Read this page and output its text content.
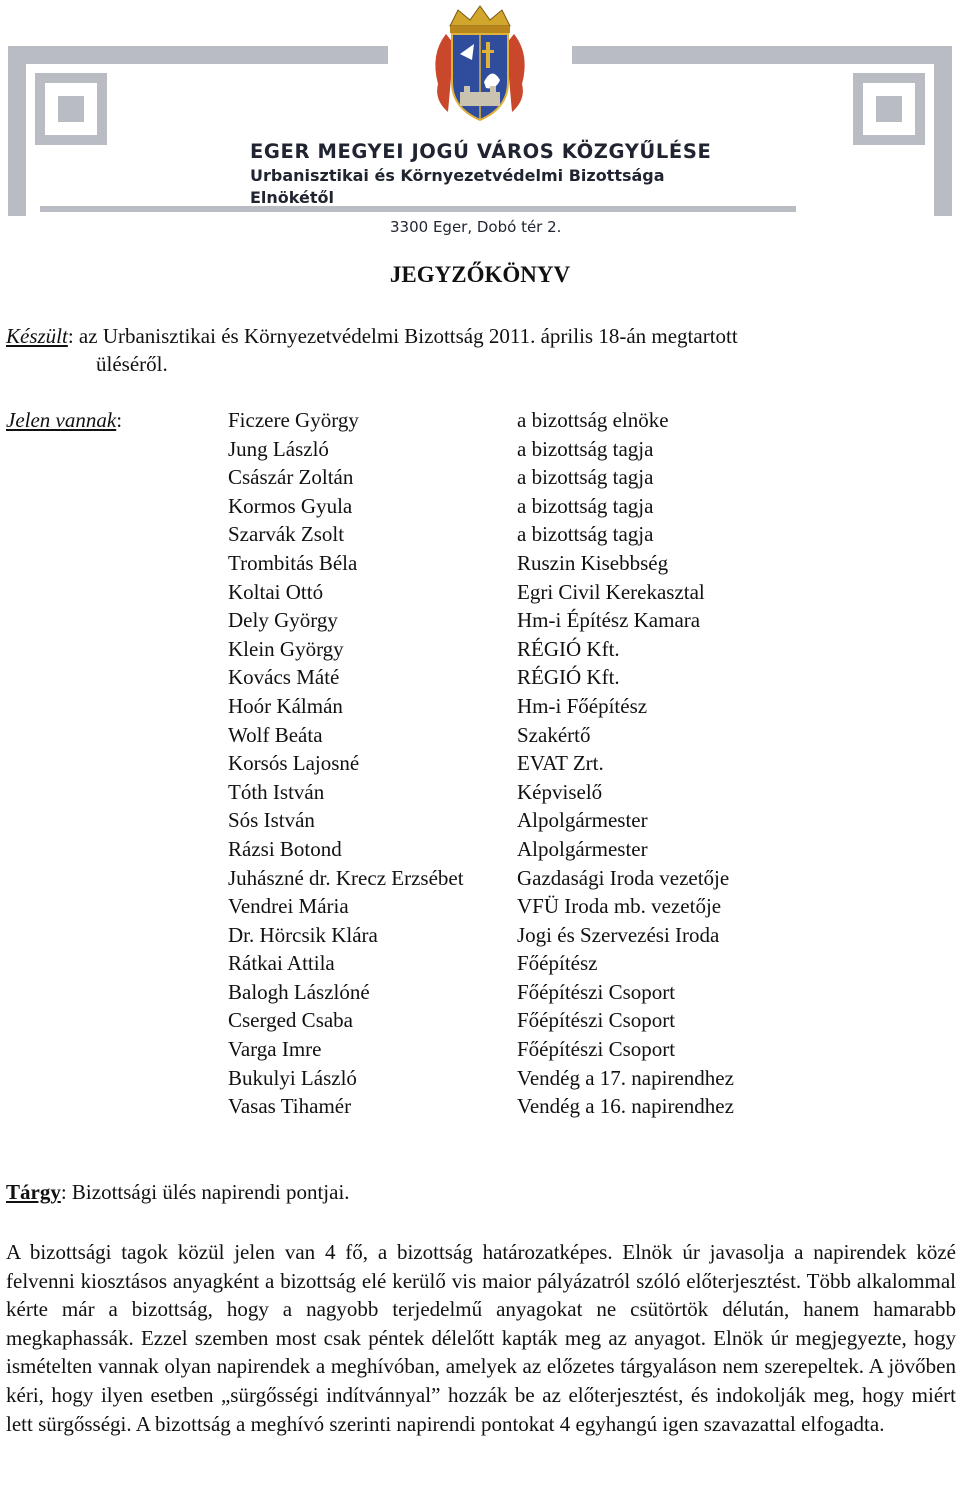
EGER MEGYEI JOGÚ VÁROS KÖZGYŰLÉSE
Urbanisztikai és Környezetvédelmi Bizottsága
Elnökétől
3300 Eger, Dobó tér 2.
JEGYZŐKÖNYV
Készült: az Urbanisztikai és Környezetvédelmi Bizottság 2011. április 18-án megtartott
üléséről.
Jelen vannak:	Ficzere György	a bizottság elnöke
Jung László	a bizottság tagja
Császár Zoltán	a bizottság tagja
Kormos Gyula	a bizottság tagja
Szarvák Zsolt	a bizottság tagja
Trombitás Béla	Ruszin Kisebbség
Koltai Ottó	Egri Civil Kerekasztal
Dely György	Hm-i Építész Kamara
Klein György	RÉGIÓ Kft.
Kovács Máté	RÉGIÓ Kft.
Hoór Kálmán	Hm-i Főépítész
Wolf Beáta	Szakértő
Korsós Lajosné	EVAT Zrt.
Tóth István	Képviselő
Sós István	Alpolgármester
Rázsi Botond	Alpolgármester
Juhászné dr. Krecz Erzsébet	Gazdasági Iroda vezetője
Vendrei Mária	VFÜ Iroda mb. vezetője
Dr. Hörcsik Klára	Jogi és Szervezési Iroda
Rátkai Attila	Főépítész
Balogh Lászlóné	Főépítészi Csoport
Cserged Csaba	Főépítészi Csoport
Varga Imre	Főépítészi Csoport
Bukulyi László	Vendég a 17. napirendhez
Vasas Tihamér	Vendég a 16. napirendhez
Tárgy: Bizottsági ülés napirendi pontjai.

A bizottsági tagok közül jelen van 4 fő, a bizottság határozatképes. Elnök úr javasolja a napirendek közé felvenni kiosztásos anyagként a bizottság elé kerülő vis maior pályázatról szóló előterjesztést. Több alkalommal kérte már a bizottság, hogy a nagyobb terjedelmű anyagokat ne csütörtök délután, hanem hamarabb megkaphassák. Ezzel szemben most csak péntek délelőtt kapták meg az anyagot. Elnök úr megjegyezte, hogy ismételten vannak olyan napirendek a meghívóban, amelyek az előzetes tárgyaláson nem szerepeltek. A jövőben kéri, hogy ilyen esetben „sürgősségi indítvánnyal” hozzák be az előterjesztést, és indokolják meg, hogy miért lett sürgősségi. A bizottság a meghívó szerinti napirendi pontokat 4 egyhangú igen szavazattal elfogadta.
